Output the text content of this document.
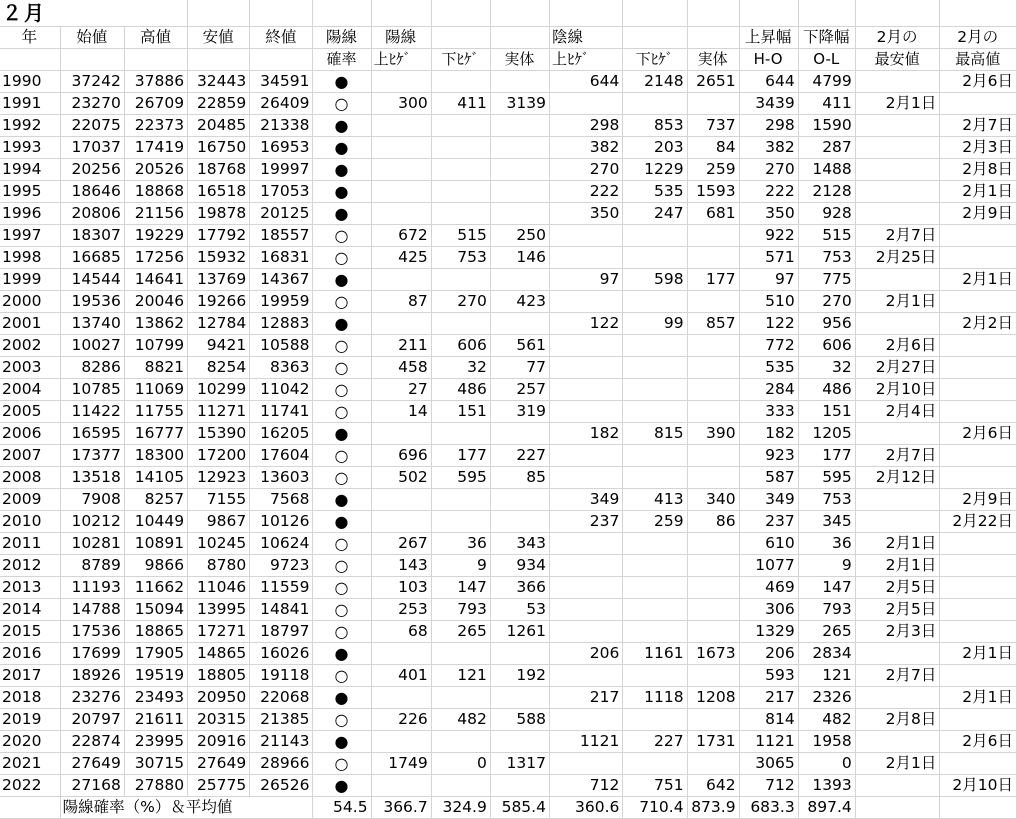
２月															
年	始値	高値	安値	終値	陽線	陽線			陰線			上昇幅	下降幅	2月の	2月の
					確率	上ﾋｹﾞ	下ﾋｹﾞ	実体	上ﾋｹﾞ	下ﾋｹﾞ	実体	H-O	O-L	最安値	最高値
1990	37242	37886	32443	34591	●				644	2148	2651	644	4799		2月6日
1991	23270	26709	22859	26409	○	300	411	3139				3439	411	2月1日	
1992	22075	22373	20485	21338	●				298	853	737	298	1590		2月7日
1993	17037	17419	16750	16953	●				382	203	84	382	287		2月3日
1994	20256	20526	18768	19997	●				270	1229	259	270	1488		2月8日
1995	18646	18868	16518	17053	●				222	535	1593	222	2128		2月1日
1996	20806	21156	19878	20125	●				350	247	681	350	928		2月9日
1997	18307	19229	17792	18557	○	672	515	250				922	515	2月7日	
1998	16685	17256	15932	16831	○	425	753	146				571	753	2月25日	
1999	14544	14641	13769	14367	●				97	598	177	97	775		2月1日
2000	19536	20046	19266	19959	○	87	270	423				510	270	2月1日	
2001	13740	13862	12784	12883	●				122	99	857	122	956		2月2日
2002	10027	10799	9421	10588	○	211	606	561				772	606	2月6日	
2003	8286	8821	8254	8363	○	458	32	77				535	32	2月27日	
2004	10785	11069	10299	11042	○	27	486	257				284	486	2月10日	
2005	11422	11755	11271	11741	○	14	151	319				333	151	2月4日	
2006	16595	16777	15390	16205	●				182	815	390	182	1205		2月6日
2007	17377	18300	17200	17604	○	696	177	227				923	177	2月7日	
2008	13518	14105	12923	13603	○	502	595	85				587	595	2月12日	
2009	7908	8257	7155	7568	●				349	413	340	349	753		2月9日
2010	10212	10449	9867	10126	●				237	259	86	237	345		2月22日
2011	10281	10891	10245	10624	○	267	36	343				610	36	2月1日	
2012	8789	9866	8780	9723	○	143	9	934				1077	9	2月1日	
2013	11193	11662	11046	11559	○	103	147	366				469	147	2月5日	
2014	14788	15094	13995	14841	○	253	793	53				306	793	2月5日	
2015	17536	18865	17271	18797	○	68	265	1261				1329	265	2月3日	
2016	17699	17905	14865	16026	●				206	1161	1673	206	2834		2月1日
2017	18926	19519	18805	19118	○	401	121	192				593	121	2月7日	
2018	23276	23493	20950	22068	●				217	1118	1208	217	2326		2月1日
2019	20797	21611	20315	21385	○	226	482	588				814	482	2月8日	
2020	22874	23995	20916	21143	●				1121	227	1731	1121	1958		2月6日
2021	27649	30715	27649	28966	○	1749	0	1317				3065	0	2月1日	
2022	27168	27880	25775	26526	●				712	751	642	712	1393		2月10日
	陽線確率（%）＆平均値				54.5	366.7	324.9	585.4	360.6	710.4	873.9	683.3	897.4		
